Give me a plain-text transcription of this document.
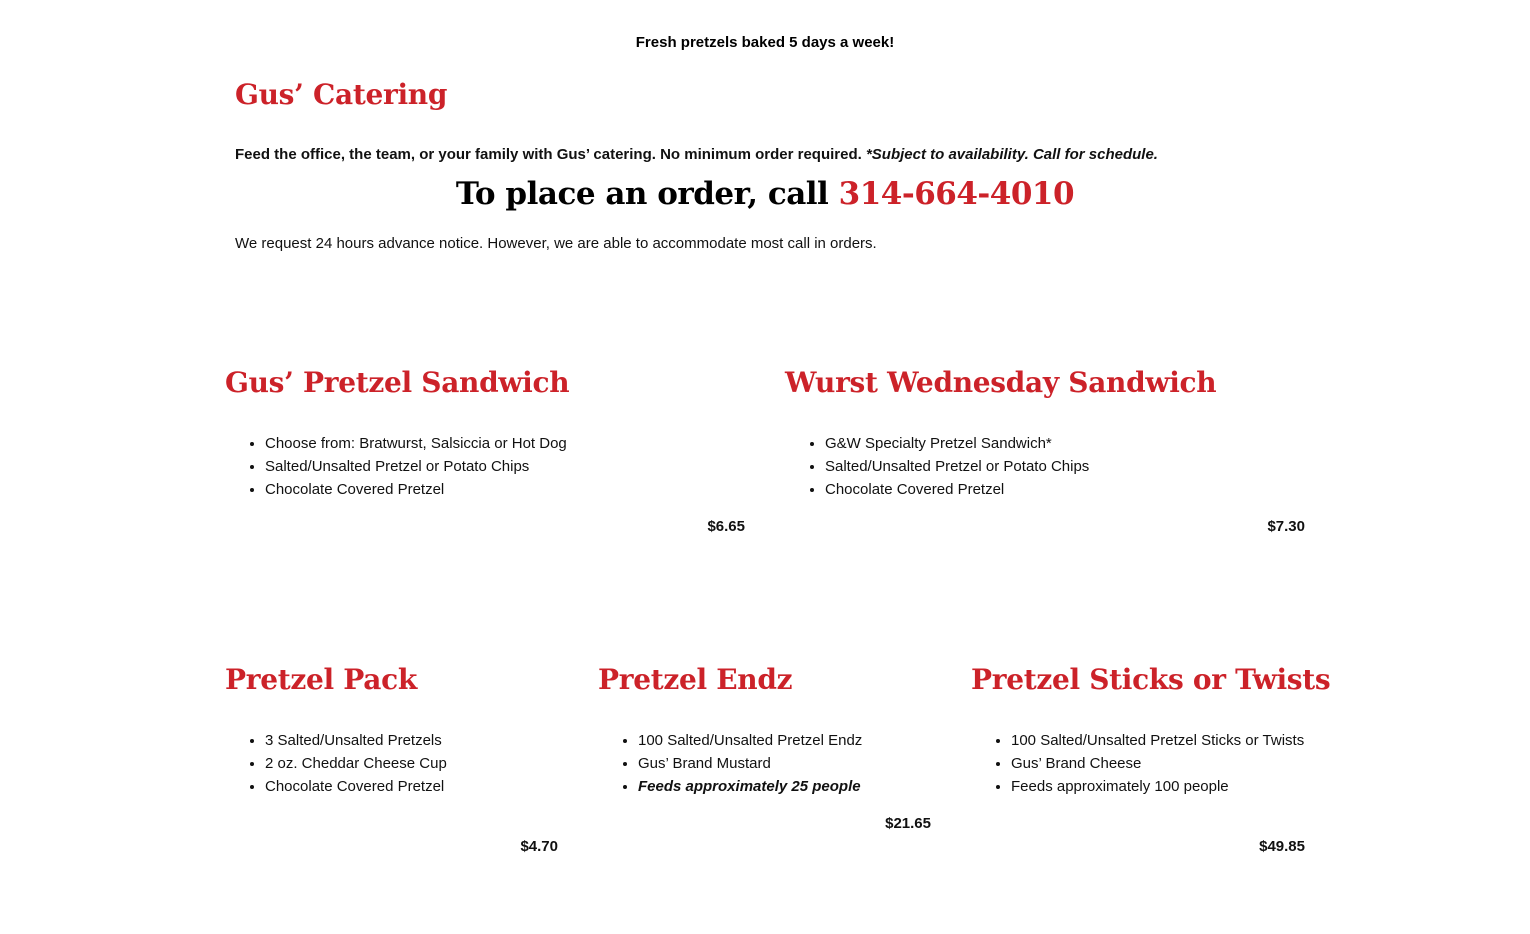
Fresh pretzels baked 5 days a week!
Gus’ Catering
Feed the office, the team, or your family with Gus’ catering. No minimum order required. *Subject to availability. Call for schedule.
To place an order, call 314-664-4010
We request 24 hours advance notice. However, we are able to accommodate most call in orders.
Gus’ Pretzel Sandwich
• Choose from: Bratwurst, Salsiccia or Hot Dog
• Salted/Unsalted Pretzel or Potato Chips
• Chocolate Covered Pretzel
$6.65
Wurst Wednesday Sandwich
• G&W Specialty Pretzel Sandwich*
• Salted/Unsalted Pretzel or Potato Chips
• Chocolate Covered Pretzel
$7.30
Pretzel Pack
• 3 Salted/Unsalted Pretzels
• 2 oz. Cheddar Cheese Cup
• Chocolate Covered Pretzel
$4.70
Pretzel Endz
• 100 Salted/Unsalted Pretzel Endz
• Gus’ Brand Mustard
• Feeds approximately 25 people
$21.65
Pretzel Sticks or Twists
• 100 Salted/Unsalted Pretzel Sticks or Twists
• Gus’ Brand Cheese
• Feeds approximately 100 people
$49.85
